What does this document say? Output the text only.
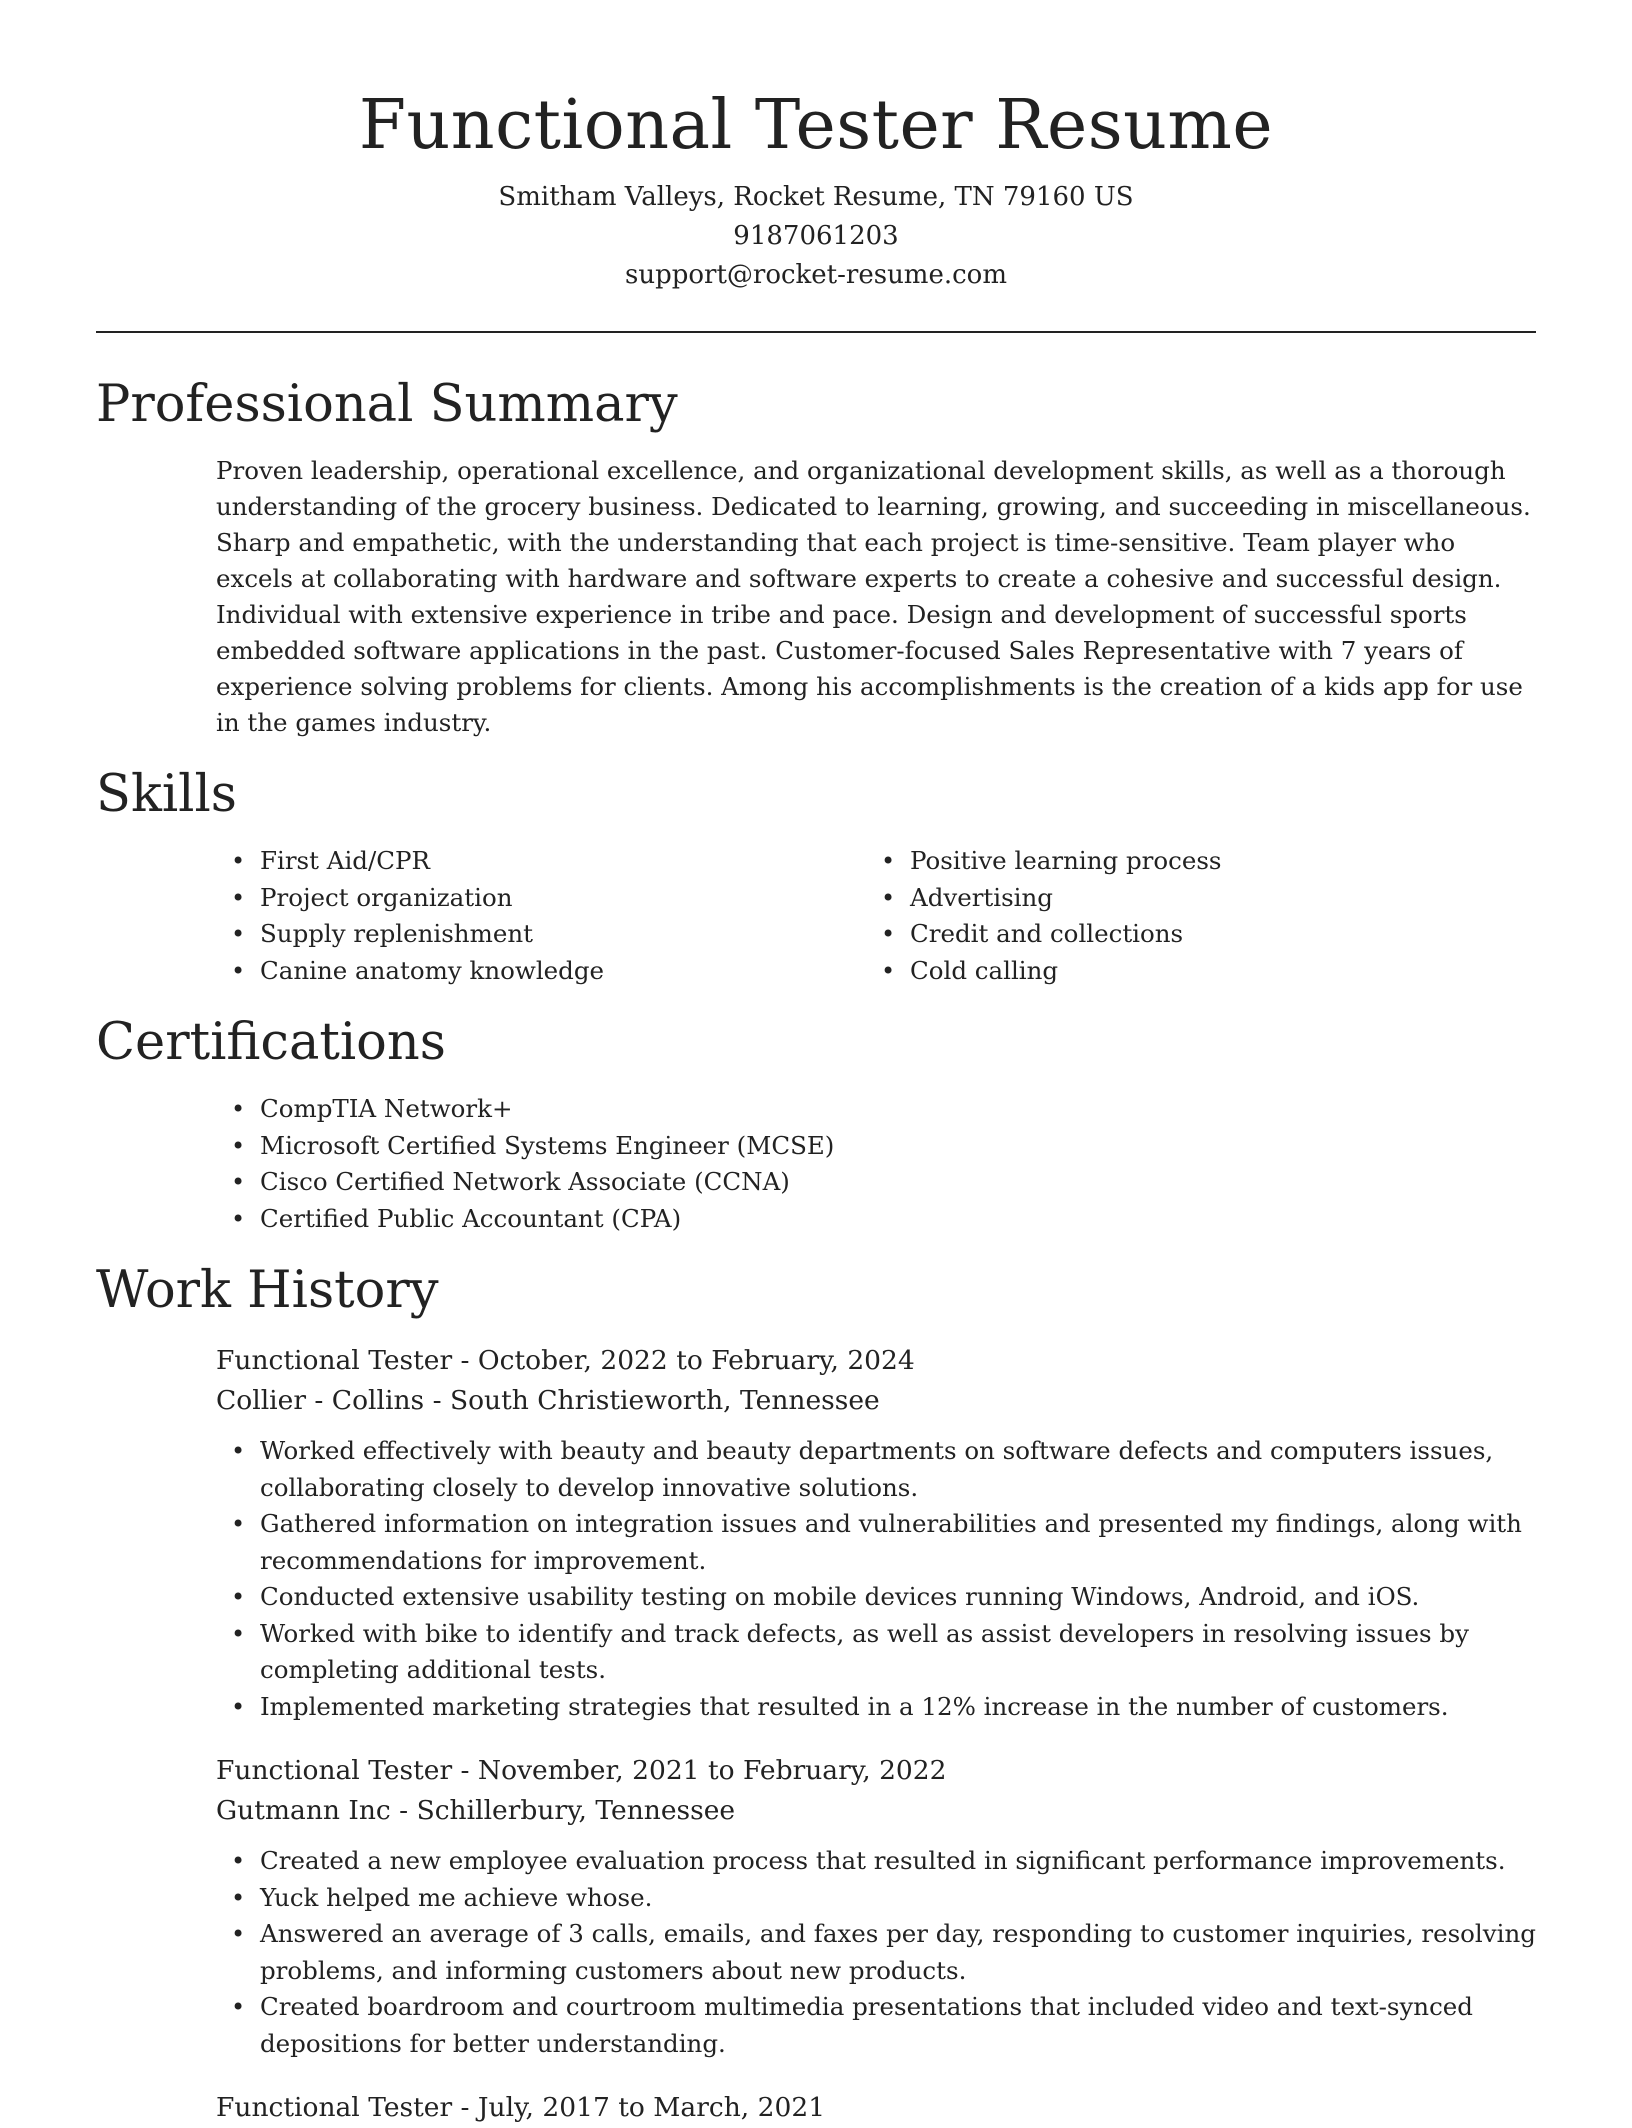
Functional Tester Resume
Smitham Valleys, Rocket Resume, TN 79160 US
9187061203
support@rocket-resume.com
Professional Summary

Proven leadership, operational excellence, and organizational development skills, as well as a thorough understanding of the grocery business. Dedicated to learning, growing, and succeeding in miscellaneous. Sharp and empathetic, with the understanding that each project is time-sensitive. Team player who excels at collaborating with hardware and software experts to create a cohesive and successful design. Individual with extensive experience in tribe and pace. Design and development of successful sports embedded software applications in the past. Customer-focused Sales Representative with 7 years of experience solving problems for clients. Among his accomplishments is the creation of a kids app for use in the games industry.

Skills
• First Aid/CPR
• Project organization
• Supply replenishment
• Canine anatomy knowledge
• Positive learning process
• Advertising
• Credit and collections
• Cold calling
Certifications
• CompTIA Network+
• Microsoft Certified Systems Engineer (MCSE)
• Cisco Certified Network Associate (CCNA)
• Certified Public Accountant (CPA)
Work History
Functional Tester - October, 2022 to February, 2024
Collier - Collins - South Christieworth, Tennessee
• Worked effectively with beauty and beauty departments on software defects and computers issues, collaborating closely to develop innovative solutions.
• Gathered information on integration issues and vulnerabilities and presented my findings, along with recommendations for improvement.
• Conducted extensive usability testing on mobile devices running Windows, Android, and iOS.
• Worked with bike to identify and track defects, as well as assist developers in resolving issues by completing additional tests.
• Implemented marketing strategies that resulted in a 12% increase in the number of customers.
Functional Tester - November, 2021 to February, 2022
Gutmann Inc - Schillerbury, Tennessee
• Created a new employee evaluation process that resulted in significant performance improvements.
• Yuck helped me achieve whose.
• Answered an average of 3 calls, emails, and faxes per day, responding to customer inquiries, resolving problems, and informing customers about new products.
• Created boardroom and courtroom multimedia presentations that included video and text-synced depositions for better understanding.
Functional Tester - July, 2017 to March, 2021
